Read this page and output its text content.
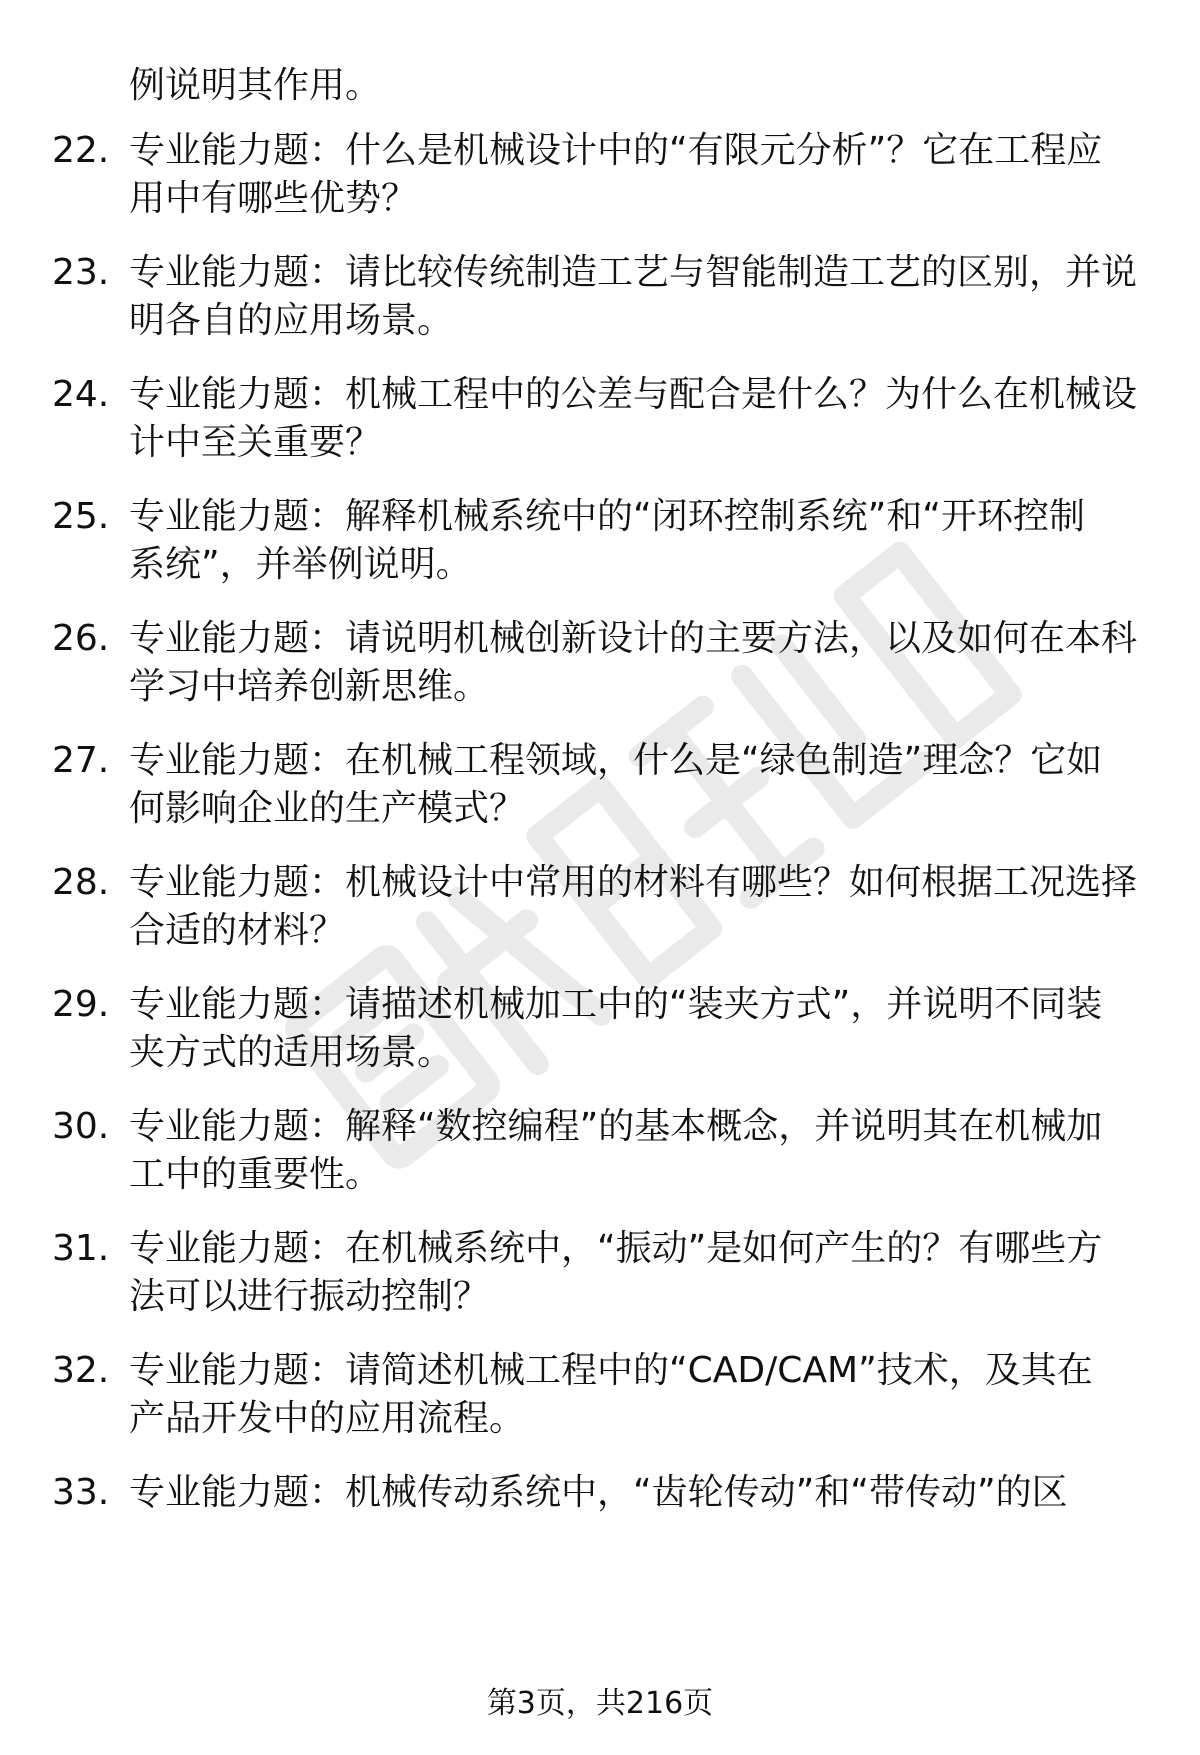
例说明其作用。
22. 专业能力题：什么是机械设计中的“有限元分析”？它在工程应
用中有哪些优势？
23. 专业能力题：请比较传统制造工艺与智能制造工艺的区别，并说
明各自的应用场景。
24. 专业能力题：机械工程中的公差与配合是什么？为什么在机械设
计中至关重要？
25. 专业能力题：解释机械系统中的“闭环控制系统”和“开环控制
系统”，并举例说明。
26. 专业能力题：请说明机械创新设计的主要方法，以及如何在本科
学习中培养创新思维。
27. 专业能力题：在机械工程领域，什么是“绿色制造”理念？它如
何影响企业的生产模式？
28. 专业能力题：机械设计中常用的材料有哪些？如何根据工况选择
合适的材料？
29. 专业能力题：请描述机械加工中的“装夹方式”，并说明不同装
夹方式的适用场景。
30. 专业能力题：解释“数控编程”的基本概念，并说明其在机械加
工中的重要性。
31. 专业能力题：在机械系统中，“振动”是如何产生的？有哪些方
法可以进行振动控制？
32. 专业能力题：请简述机械工程中的“CAD/CAM”技术，及其在
产品开发中的应用流程。
33. 专业能力题：机械传动系统中，“齿轮传动”和“带传动”的区
第3页，共216页
